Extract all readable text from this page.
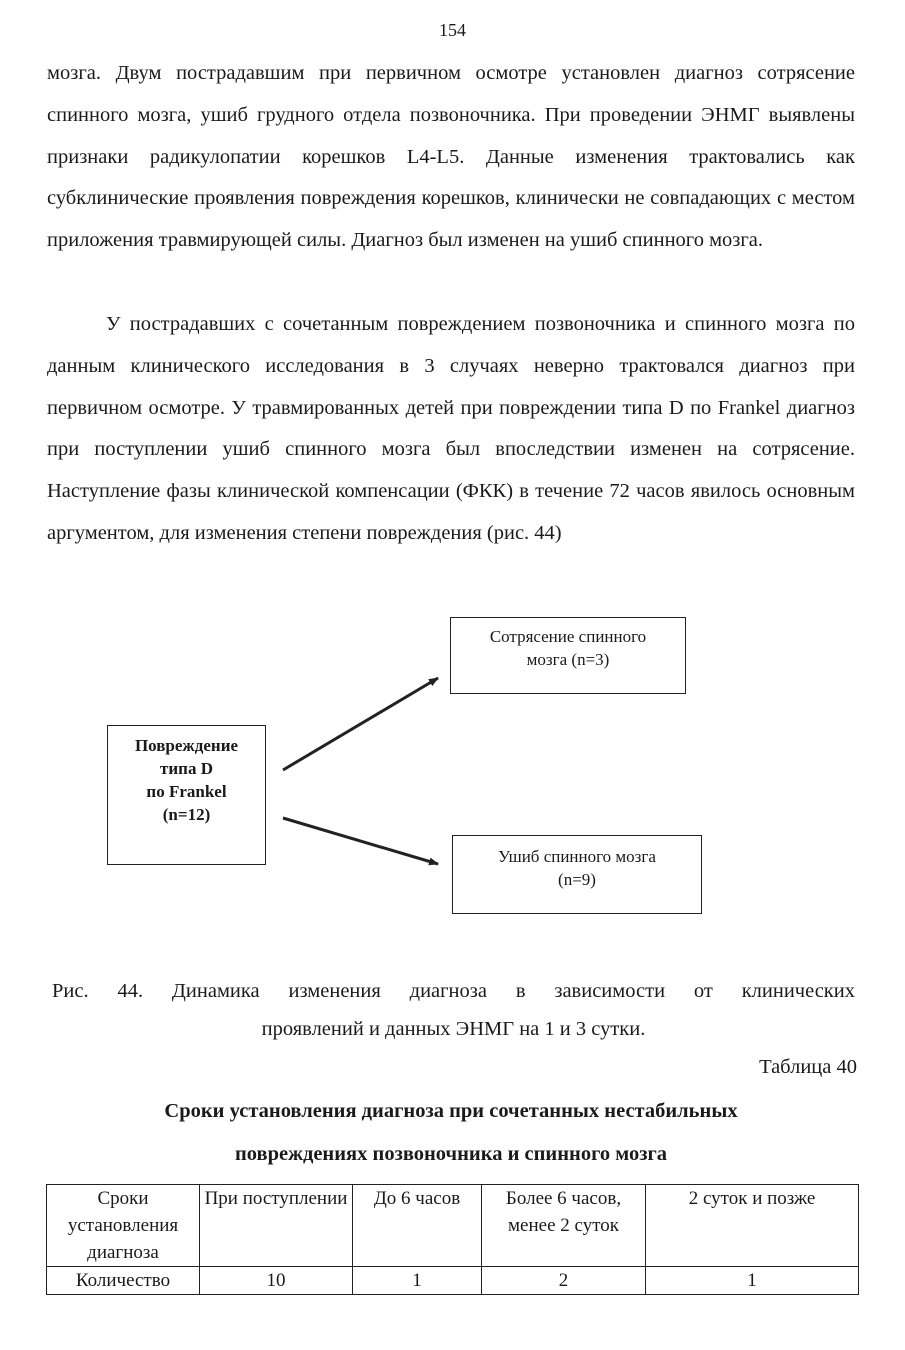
154

мозга. Двум пострадавшим при первичном осмотре установлен диагноз сотрясение спинного мозга, ушиб грудного отдела позвоночника. При проведении ЭНМГ выявлены признаки радикулопатии корешков L4-L5. Данные изменения трактовались как субклинические проявления повреждения корешков, клинически не совпадающих с местом приложения травмирующей силы. Диагноз был изменен на ушиб спинного мозга.

У пострадавших с сочетанным повреждением позвоночника и спинного мозга по данным клинического исследования в 3 случаях неверно трактовался диагноз при первичном осмотре. У травмированных детей при повреждении типа D по Frankel диагноз при поступлении ушиб спинного мозга был впоследствии изменен на сотрясение. Наступление фазы клинической компенсации (ФКК) в течение 72 часов явилось основным аргументом, для изменения степени повреждения (рис. 44)

Повреждение
типа D
по Frankel
(n=12)
Сотрясение спинного
мозга (n=3)
Ушиб спинного мозга
(n=9)

Рис. 44. Динамика изменения диагноза в зависимости от клинических

проявлений и данных ЭНМГ на 1 и 3 сутки.

Таблица 40
Сроки установления диагноза при сочетанных нестабильных
повреждениях позвоночника и спинного мозга
Сроки установления диагноза	При поступлении	До 6 часов	Более 6 часов, менее 2 суток	2 суток и позже
Количество	10	1	2	1
